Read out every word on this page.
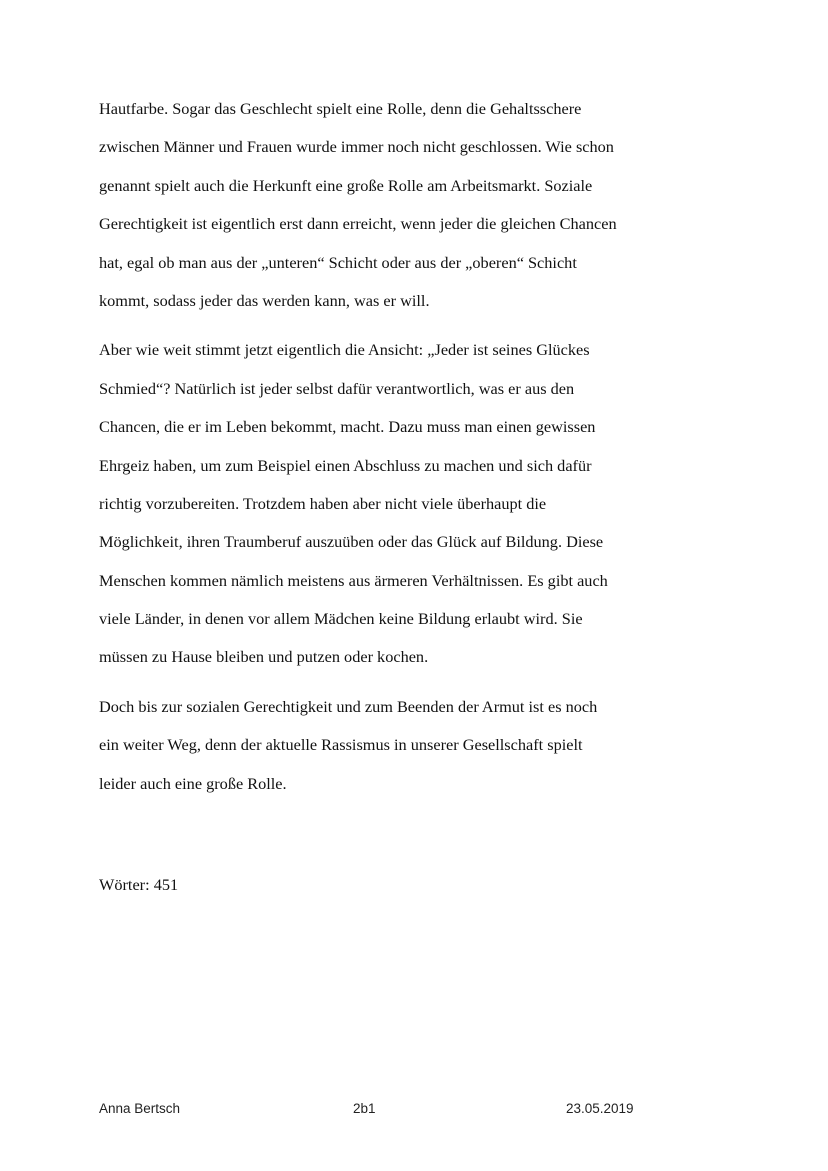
Hautfarbe. Sogar das Geschlecht spielt eine Rolle, denn die Gehaltsschere
zwischen Männer und Frauen wurde immer noch nicht geschlossen. Wie schon
genannt spielt auch die Herkunft eine große Rolle am Arbeitsmarkt. Soziale
Gerechtigkeit ist eigentlich erst dann erreicht, wenn jeder die gleichen Chancen
hat, egal ob man aus der „unteren“ Schicht oder aus der „oberen“ Schicht
kommt, sodass jeder das werden kann, was er will.
Aber wie weit stimmt jetzt eigentlich die Ansicht: „Jeder ist seines Glückes
Schmied“? Natürlich ist jeder selbst dafür verantwortlich, was er aus den
Chancen, die er im Leben bekommt, macht. Dazu muss man einen gewissen
Ehrgeiz haben, um zum Beispiel einen Abschluss zu machen und sich dafür
richtig vorzubereiten. Trotzdem haben aber nicht viele überhaupt die
Möglichkeit, ihren Traumberuf auszuüben oder das Glück auf Bildung. Diese
Menschen kommen nämlich meistens aus ärmeren Verhältnissen. Es gibt auch
viele Länder, in denen vor allem Mädchen keine Bildung erlaubt wird. Sie
müssen zu Hause bleiben und putzen oder kochen.
Doch bis zur sozialen Gerechtigkeit und zum Beenden der Armut ist es noch
ein weiter Weg, denn der aktuelle Rassismus in unserer Gesellschaft spielt
leider auch eine große Rolle.
Wörter: 451
Anna Bertsch	2b1	23.05.2019
